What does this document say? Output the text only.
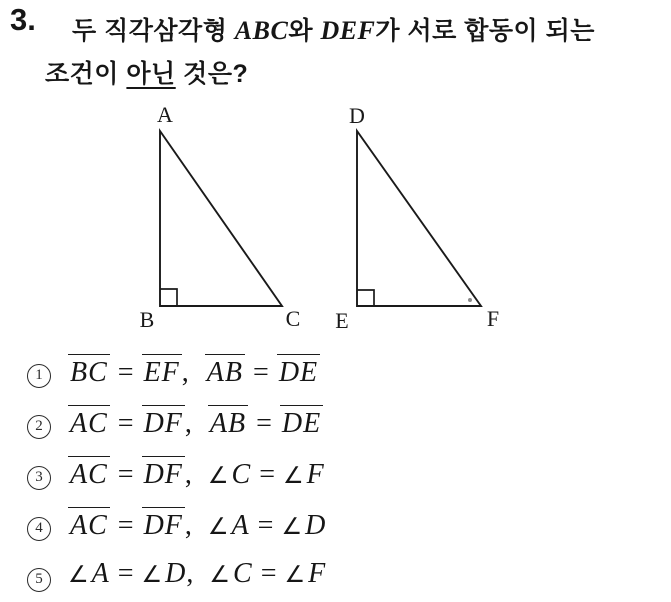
3. 두 직각삼각형 ABC와 DEF가 서로 합동이 되는
조건이 아닌 것은?
A
B	C
D
E	F
1 BC = EF , AB = DE
2 AC = DF , AB = DE
3 AC = DF , ∠ C = ∠ F
4 AC = DF , ∠ A = ∠ D
5	∠ A = ∠ D , ∠ C = ∠ F
